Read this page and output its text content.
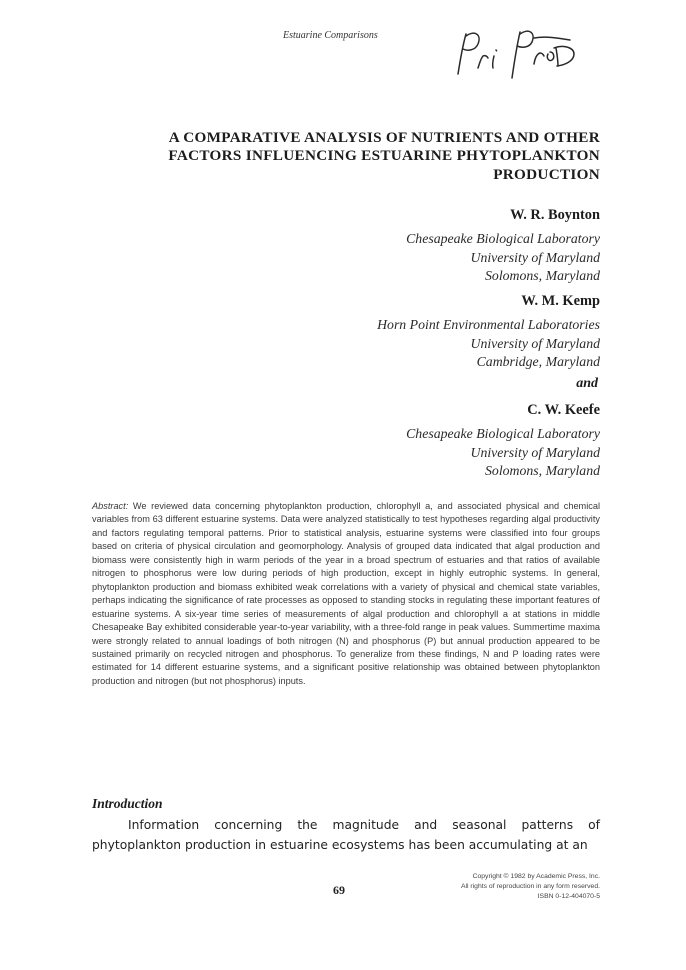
Estuarine Comparisons
A COMPARATIVE ANALYSIS OF NUTRIENTS AND OTHER
FACTORS INFLUENCING ESTUARINE PHYTOPLANKTON
PRODUCTION
W. R. Boynton
Chesapeake Biological Laboratory
University of Maryland
Solomons, Maryland
W. M. Kemp
Horn Point Environmental Laboratories
University of Maryland
Cambridge, Maryland
and
C. W. Keefe
Chesapeake Biological Laboratory
University of Maryland
Solomons, Maryland

Abstract: We reviewed data concerning phytoplankton production, chlorophyll a, and associated physical and chemical variables from 63 different estuarine systems. Data were analyzed statistically to test hypotheses regarding algal productivity and factors regulating temporal patterns. Prior to statistical analysis, estuarine systems were classified into four groups based on criteria of physical circulation and geomorphology. Analysis of grouped data indicated that algal production and biomass were consistently high in warm periods of the year in a broad spectrum of estuaries and that ratios of available nitrogen to phosphorus were low during periods of high production, except in highly eutrophic systems. In general, phytoplankton production and biomass exhibited weak correlations with a variety of physical and chemical state variables, perhaps indicating the significance of rate processes as opposed to standing stocks in regulating these important features of estuarine systems. A six-year time series of measurements of algal production and chlorophyll a at stations in middle Chesapeake Bay exhibited considerable year-to-year variability, with a three-fold range in peak values. Summertime maxima were strongly related to annual loadings of both nitrogen (N) and phosphorus (P) but annual production appeared to be sustained primarily on recycled nitrogen and phosphorus. To generalize from these findings, N and P loading rates were estimated for 14 different estuarine systems, and a significant positive relationship was obtained between phytoplankton production and nitrogen (but not phosphorus) inputs.

Introduction

Information concerning the magnitude and seasonal patterns of phytoplankton production in estuarine ecosystems has been accumulating at an

69
Copyright © 1982 by Academic Press, Inc.
All rights of reproduction in any form reserved.
ISBN 0-12-404070-5
